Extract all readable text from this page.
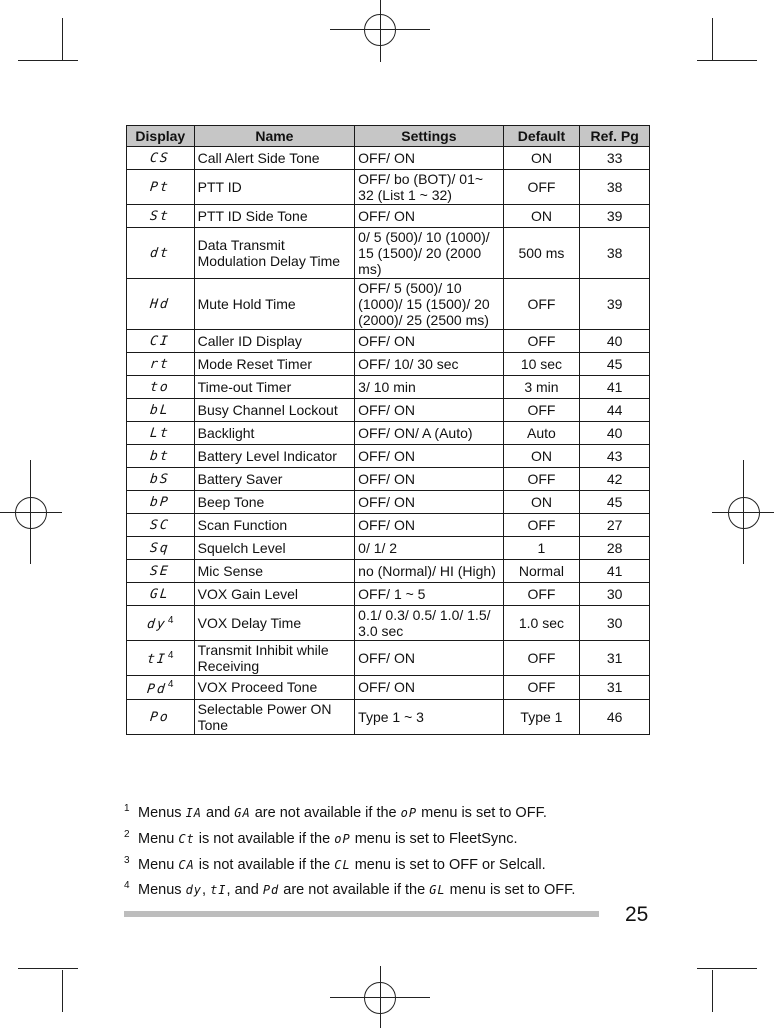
Display	Name	Settings	Default	Ref. Pg
CS	Call Alert Side Tone	OFF/ ON	ON	33
Pt	PTT ID	OFF/ bo (BOT)/ 01~ 32 (List 1 ~ 32)	OFF	38
St	PTT ID Side Tone	OFF/ ON	ON	39
dt	Data Transmit Modulation Delay Time	0/ 5 (500)/ 10 (1000)/ 15 (1500)/ 20 (2000 ms)	500 ms	38
Hd	Mute Hold Time	OFF/ 5 (500)/ 10 (1000)/ 15 (1500)/ 20 (2000)/ 25 (2500 ms)	OFF	39
CI	Caller ID Display	OFF/ ON	OFF	40
rt	Mode Reset Timer	OFF/ 10/ 30 sec	10 sec	45
to	Time-out Timer	3/ 10 min	3 min	41
bL	Busy Channel Lockout	OFF/ ON	OFF	44
Lt	Backlight	OFF/ ON/ A (Auto)	Auto	40
bt	Battery Level Indicator	OFF/ ON	ON	43
bS	Battery Saver	OFF/ ON	OFF	42
bP	Beep Tone	OFF/ ON	ON	45
SC	Scan Function	OFF/ ON	OFF	27
Sq	Squelch Level	0/ 1/ 2	1	28
SE	Mic Sense	no (Normal)/ HI (High)	Normal	41
GL	VOX Gain Level	OFF/ 1 ~ 5	OFF	30
$dy^4$	VOX Delay Time	0.1/ 0.3/ 0.5/ 1.0/ 1.5/ 3.0 sec	1.0 sec	30
$tI^4$	Transmit Inhibit while Receiving	OFF/ ON	OFF	31
Pd$^4$	VOX Proceed Tone	OFF/ ON	OFF	31
Po	Selectable Power ON Tone	Type 1 ~ 3	Type 1	46
1 Menus IA and GA are not available if the oP menu is set to OFF.
2 Menu Ct is not available if the oP menu is set to FleetSync.
3 Menu CA is not available if the CL menu is set to OFF or Selcall.
4 Menus dy, tI, and Pd are not available if the GL menu is set to OFF.
25
